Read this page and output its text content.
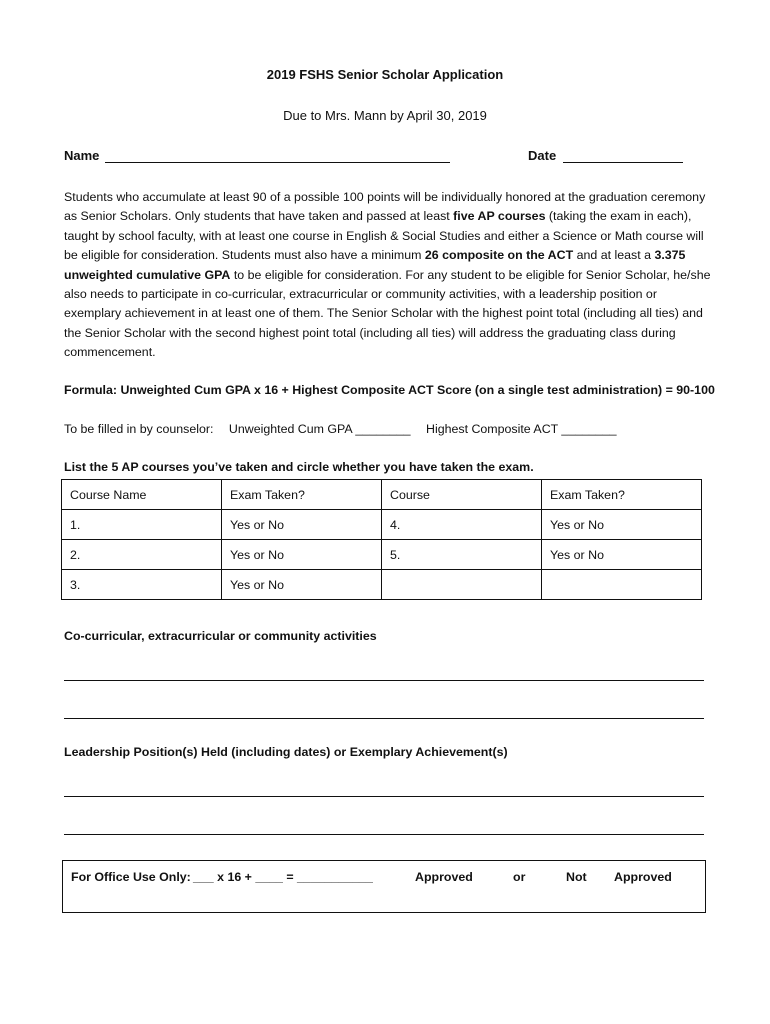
2019 FSHS Senior Scholar Application
Due to Mrs. Mann by April 30, 2019
Name	Date
Students who accumulate at least 90 of a possible 100 points will be individually honored at the graduation ceremony as Senior Scholars. Only students that have taken and passed at least five AP courses (taking the exam in each), taught by school faculty, with at least one course in English & Social Studies and either a Science or Math course will be eligible for consideration. Students must also have a minimum 26 composite on the ACT and at least a 3.375 unweighted cumulative GPA to be eligible for consideration. For any student to be eligible for Senior Scholar, he/she also needs to participate in co-curricular, extracurricular or community activities, with a leadership position or exemplary achievement in at least one of them. The Senior Scholar with the highest point total (including all ties) and the Senior Scholar with the second highest point total (including all ties) will address the graduating class during commencement.
Formula: Unweighted Cum GPA x 16 + Highest Composite ACT Score (on a single test administration) = 90-100
To be filled in by counselor: Unweighted Cum GPA ________ Highest Composite ACT ________
List the 5 AP courses you’ve taken and circle whether you have taken the exam.
Course Name	Exam Taken?	Course	Exam Taken?
1.	Yes or No	4.	Yes or No
2.	Yes or No	5.	Yes or No
3.	Yes or No		
Co-curricular, extracurricular or community activities
Leadership Position(s) Held (including dates) or Exemplary Achievement(s)
For Office Use Only: ___ x 16 + ____ = ___________	Approved	or	Not Approved
